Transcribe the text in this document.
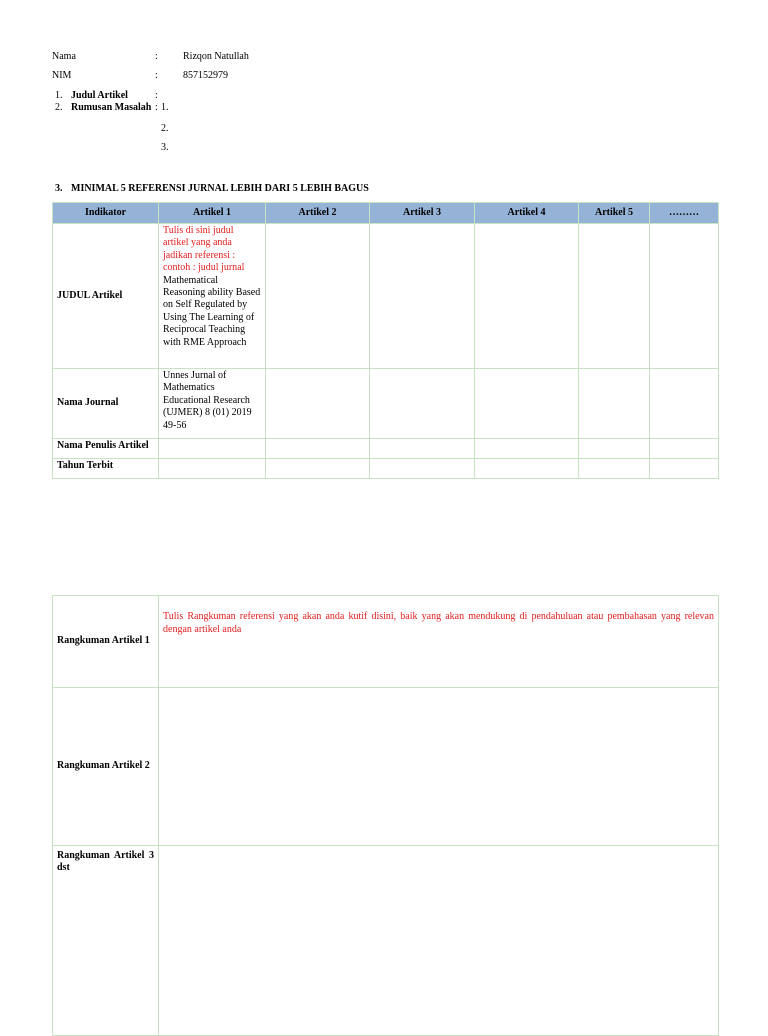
Nama	:	Rizqon Natullah
NIM	:	857152979
1. Judul Artikel	:
2. Rumusan Masalah : 1.
2.
3.
3. MINIMAL 5 REFERENSI JURNAL LEBIH DARI 5 LEBIH BAGUS
Indikator	Artikel 1	Artikel 2	Artikel 3	Artikel 4	Artikel 5	………
JUDUL Artikel	Tulis di sini judul artikel yang anda jadikan referensi : contoh : judul jurnal
Mathematical Reasoning ability Based on Self Regulated by Using The Learning of Reciprocal Teaching with RME Approach					

Nama Journal	Unnes Jurnal of Mathematics Educational Research (UJMER) 8 (01) 2019 49-56					
Nama Penulis Artikel						
Tahun Terbit						
Rangkuman Artikel 1	Tulis Rangkuman referensi yang akan anda kutif disini, baik yang akan mendukung di pendahuluan atau pembahasan yang relevan dengan artikel anda
Rangkuman Artikel 2	
Rangkuman Artikel 3 dst	
